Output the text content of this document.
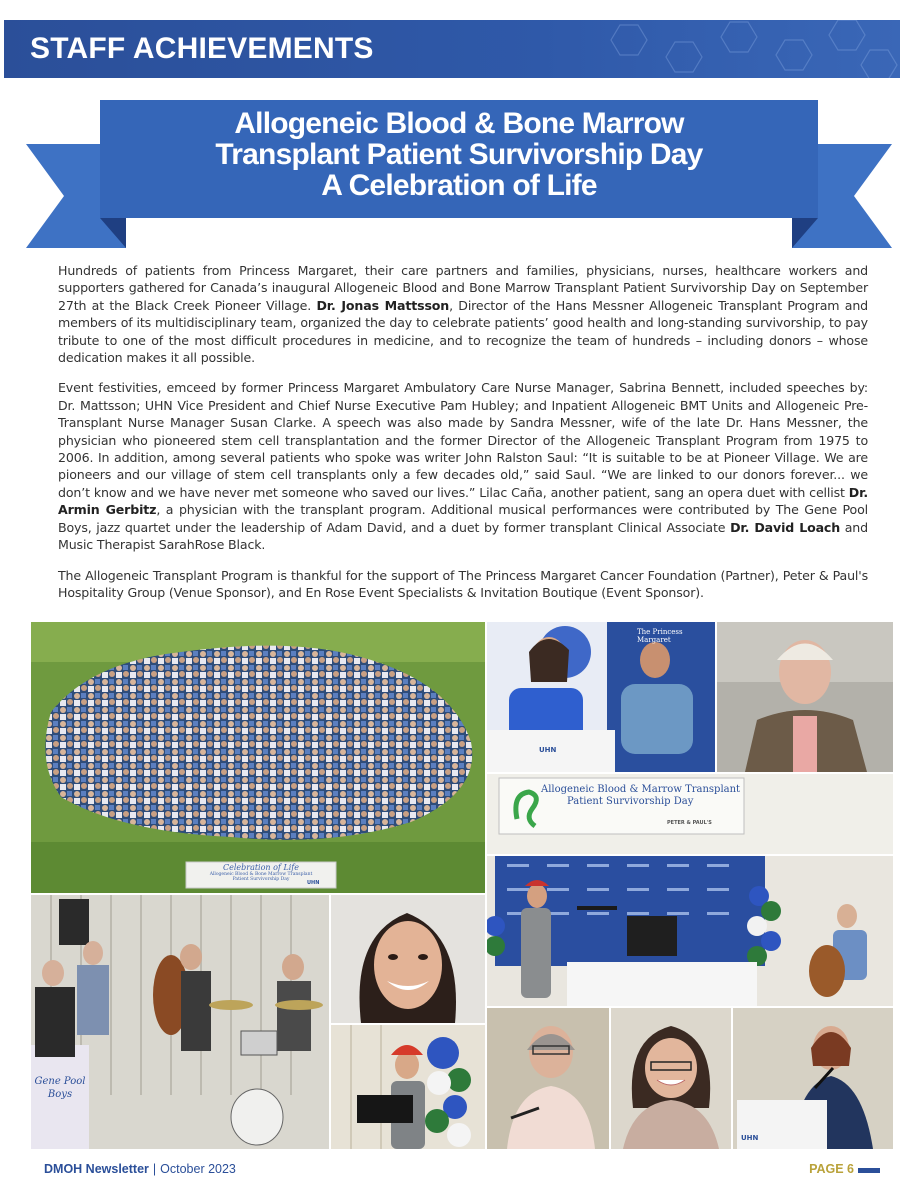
STAFF ACHIEVEMENTS
Allogeneic Blood & Bone Marrow
Transplant Patient Survivorship Day
A Celebration of Life

Hundreds of patients from Princess Margaret, their care partners and families, physicians, nurses, healthcare workers and supporters gathered for Canada’s inaugural Allogeneic Blood and Bone Marrow Transplant Patient Survivorship Day on September 27th at the Black Creek Pioneer Village. Dr. Jonas Mattsson, Director of the Hans Messner Allogeneic Transplant Program and members of its multidisciplinary team, organized the day to celebrate patients’ good health and long-standing survivorship, to pay tribute to one of the most difficult procedures in medicine, and to recognize the team of hundreds – including donors – whose dedication makes it all possible.

Event festivities, emceed by former Princess Margaret Ambulatory Care Nurse Manager, Sabrina Bennett, included speeches by: Dr. Mattsson; UHN Vice President and Chief Nurse Executive Pam Hubley; and Inpatient Allogeneic BMT Units and Allogeneic Pre-Transplant Nurse Manager Susan Clarke. A speech was also made by Sandra Messner, wife of the late Dr. Hans Messner, the physician who pioneered stem cell transplantation and the former Director of the Allogeneic Transplant Program from 1975 to 2006. In addition, among several patients who spoke was writer John Ralston Saul: “It is suitable to be at Pioneer Village. We are pioneers and our village of stem cell transplants only a few decades old,” said Saul. “We are linked to our donors forever... we don’t know and we have never met someone who saved our lives.” Lilac Caña, another patient, sang an opera duet with cellist Dr. Armin Gerbitz, a physician with the transplant program. Additional musical performances were contributed by The Gene Pool Boys, jazz quartet under the leadership of Adam David, and a duet by former transplant Clinical Associate Dr. David Loach and Music Therapist SarahRose Black.

The Allogeneic Transplant Program is thankful for the support of The Princess Margaret Cancer Foundation (Partner), Peter & Paul's Hospitality Group (Venue Sponsor), and En Rose Event Specialists & Invitation Boutique (Event Sponsor).

Celebration of Life
Allogeneic Blood & Bone Marrow Transplant
Patient Survivorship Day
UHN
The Princess Margaret
UHN
Allogeneic Blood & Marrow Transplant
Patient Survivorship Day
PETER & PAUL'S
Gene Pool Boys
UHN
DMOH Newsletter | October 2023	PAGE 6
